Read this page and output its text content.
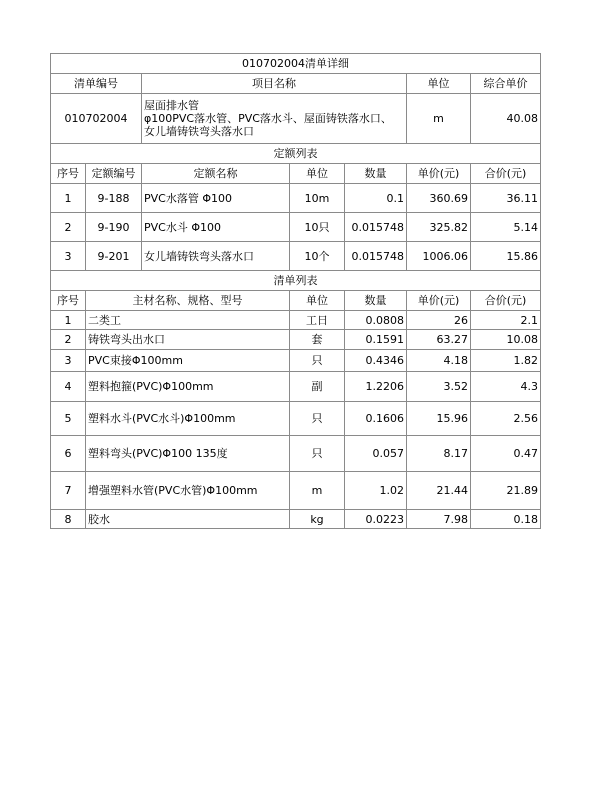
010702004清单详细						
清单编号		项目名称			单位	综合单价
010702004		屋面排水管
φ100PVC落水管、PVC落水斗、屋面铸铁落水口、
女儿墙铸铁弯头落水口			m	40.08
定额列表						
序号	定额编号	定额名称	单位	数量	单价(元)	合价(元)
1	9-188	PVC水落管 Φ100	10m	0.1	360.69	36.11
2	9-190	PVC水斗 Φ100	10只	0.015748	325.82	5.14
3	9-201	女儿墙铸铁弯头落水口	10个	0.015748	1006.06	15.86
清单列表						
序号	主材名称、规格、型号		单位	数量	单价(元)	合价(元)
1	二类工		工日	0.0808	26	2.1
2	铸铁弯头出水口		套	0.1591	63.27	10.08
3	PVC束接Φ100mm		只	0.4346	4.18	1.82
4	塑料抱箍(PVC)Φ100mm		副	1.2206	3.52	4.3
5	塑料水斗(PVC水斗)Φ100mm		只	0.1606	15.96	2.56
6	塑料弯头(PVC)Φ100 135度		只	0.057	8.17	0.47
7	增强塑料水管(PVC水管)Φ100mm		m	1.02	21.44	21.89
8	胶水		kg	0.0223	7.98	0.18
